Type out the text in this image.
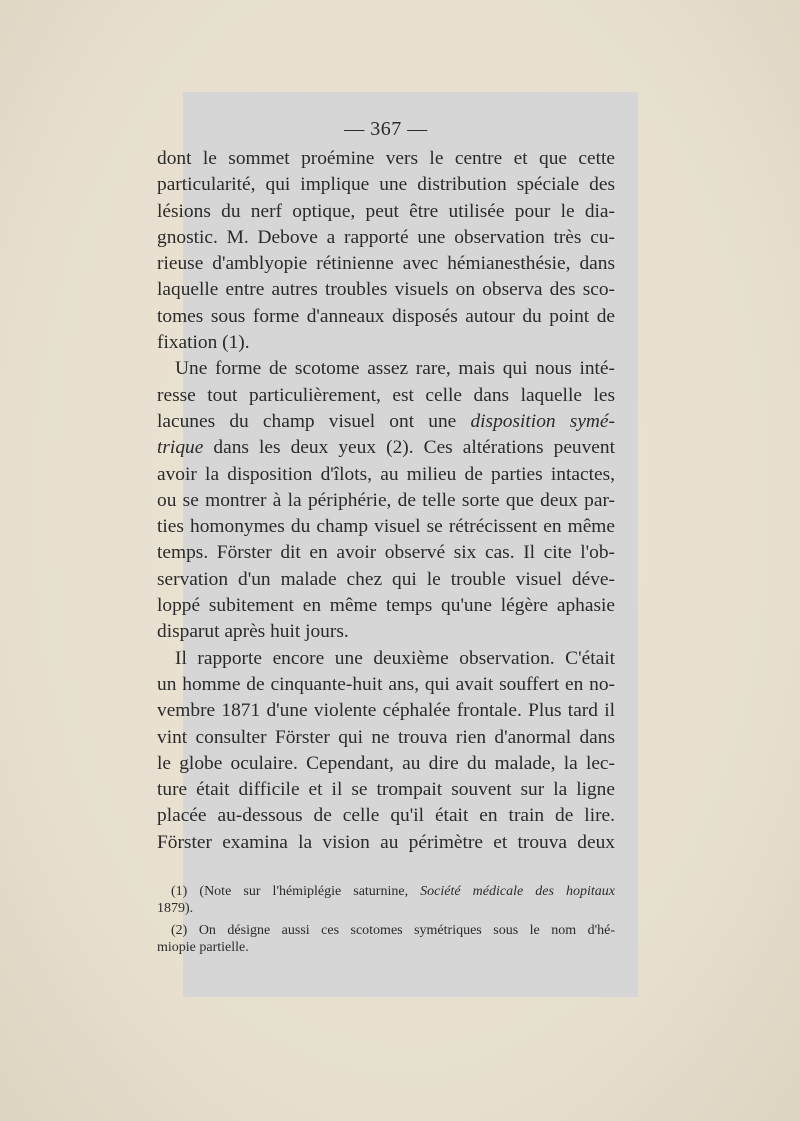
— 367 —

dont le sommet proémine vers le centre et que cette
particularité, qui implique une distribution spéciale des
lésions du nerf optique, peut être utilisée pour le dia-
gnostic. M. Debove a rapporté une observation très cu-
rieuse d'amblyopie rétinienne avec hémianesthésie, dans
laquelle entre autres troubles visuels on observa des sco-
tomes sous forme d'anneaux disposés autour du point de
fixation (1).

Une forme de scotome assez rare, mais qui nous inté-
resse tout particulièrement, est celle dans laquelle les
lacunes du champ visuel ont une disposition symé-
trique dans les deux yeux (2). Ces altérations peuvent
avoir la disposition d'îlots, au milieu de parties intactes,
ou se montrer à la périphérie, de telle sorte que deux par-
ties homonymes du champ visuel se rétrécissent en même
temps. Förster dit en avoir observé six cas. Il cite l'ob-
servation d'un malade chez qui le trouble visuel déve-
loppé subitement en même temps qu'une légère aphasie
disparut après huit jours.

Il rapporte encore une deuxième observation. C'était
un homme de cinquante-huit ans, qui avait souffert en no-
vembre 1871 d'une violente céphalée frontale. Plus tard il
vint consulter Förster qui ne trouva rien d'anormal dans
le globe oculaire. Cependant, au dire du malade, la lec-
ture était difficile et il se trompait souvent sur la ligne
placée au-dessous de celle qu'il était en train de lire.
Förster examina la vision au périmètre et trouva deux

(1) (Note sur l'hémiplégie saturnine, Société médicale des hopitaux
1879).
(2) On désigne aussi ces scotomes symétriques sous le nom d'hé-
miopie partielle.
